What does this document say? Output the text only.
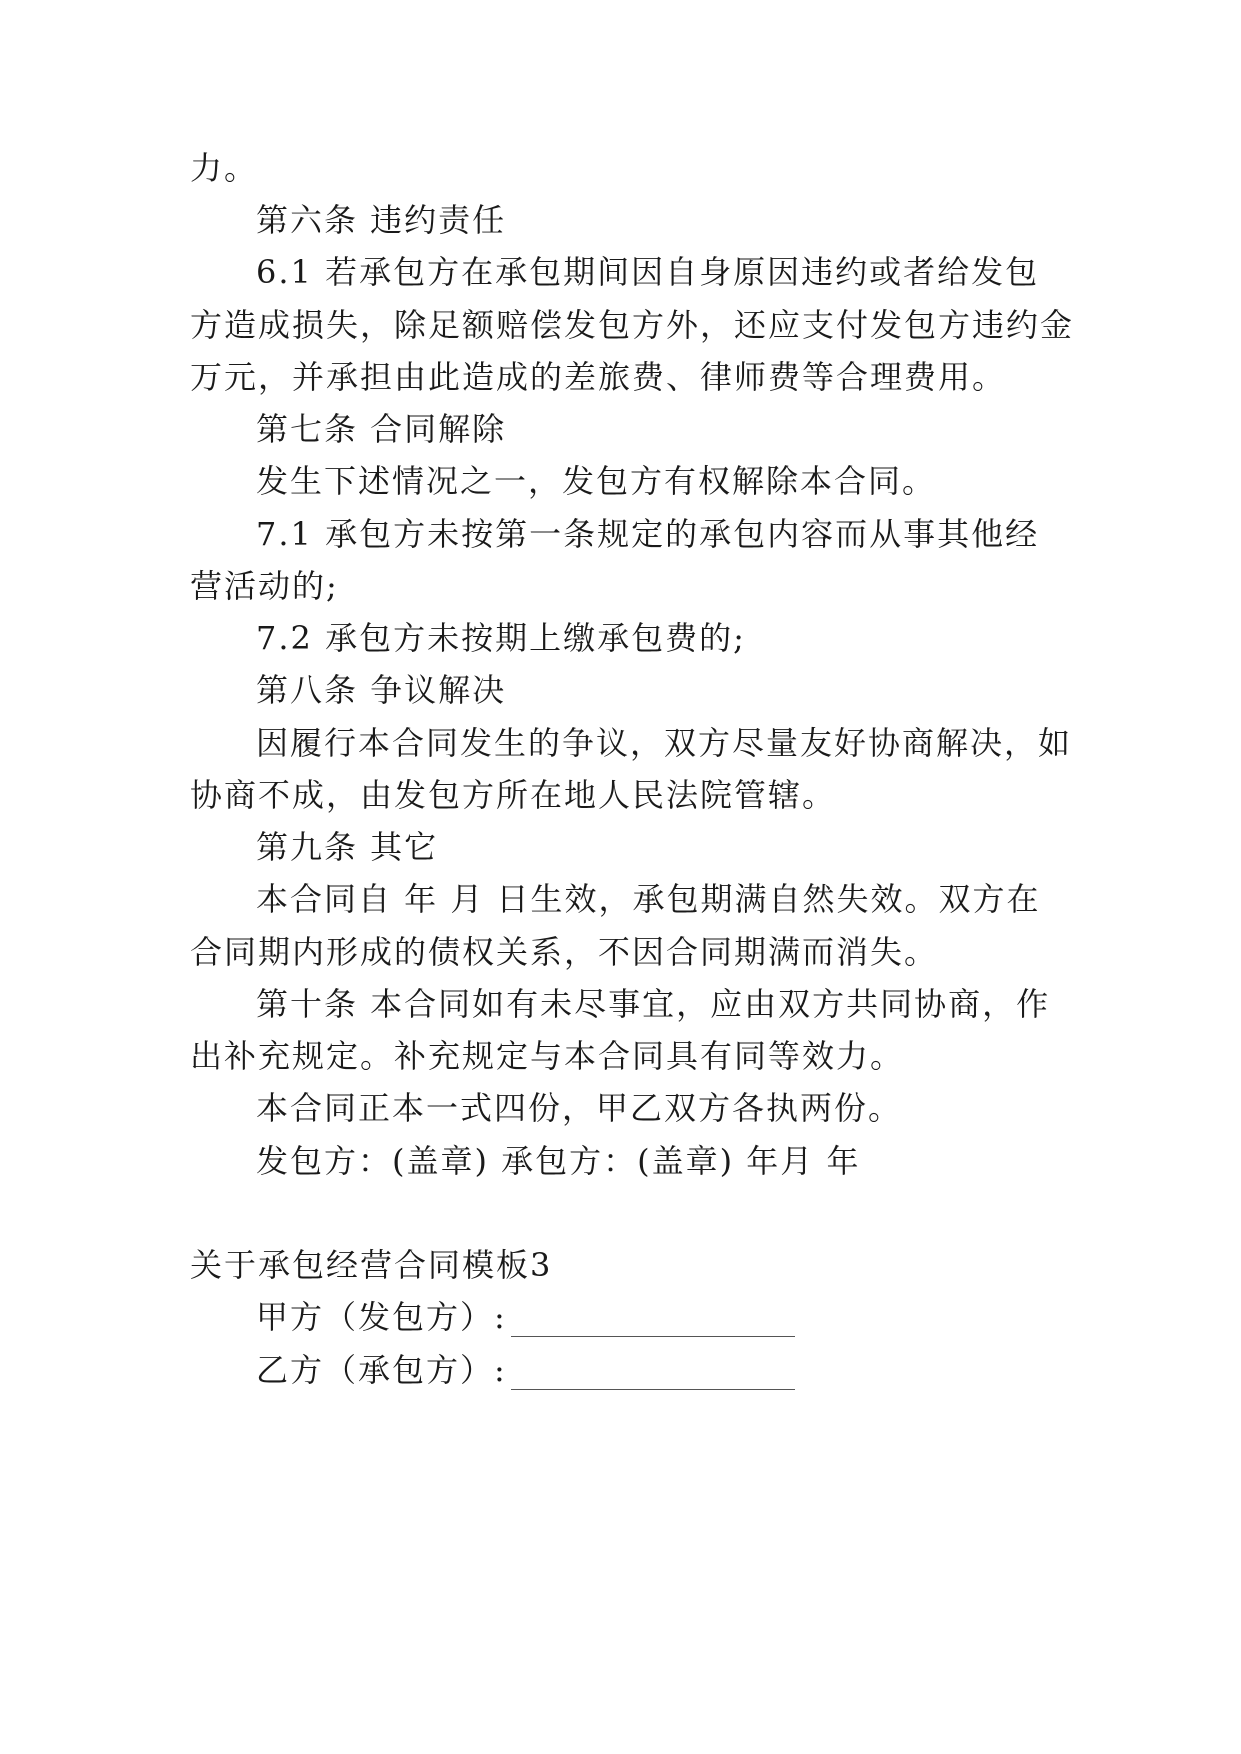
力。
第六条 违约责任
6.1 若承包方在承包期间因自身原因违约或者给发包
方造成损失，除足额赔偿发包方外，还应支付发包方违约金
万元，并承担由此造成的差旅费、律师费等合理费用。
第七条 合同解除
发生下述情况之一，发包方有权解除本合同。
7.1 承包方未按第一条规定的承包内容而从事其他经
营活动的;
7.2 承包方未按期上缴承包费的;
第八条 争议解决
因履行本合同发生的争议，双方尽量友好协商解决，如
协商不成，由发包方所在地人民法院管辖。
第九条 其它
本合同自 年 月 日生效，承包期满自然失效。双方在
合同期内形成的债权关系，不因合同期满而消失。
第十条 本合同如有未尽事宜，应由双方共同协商，作
出补充规定。补充规定与本合同具有同等效力。
本合同正本一式四份，甲乙双方各执两份。
发包方：(盖章) 承包方：(盖章) 年月 年
关于承包经营合同模板3
甲方（发包方）:
乙方（承包方）:
